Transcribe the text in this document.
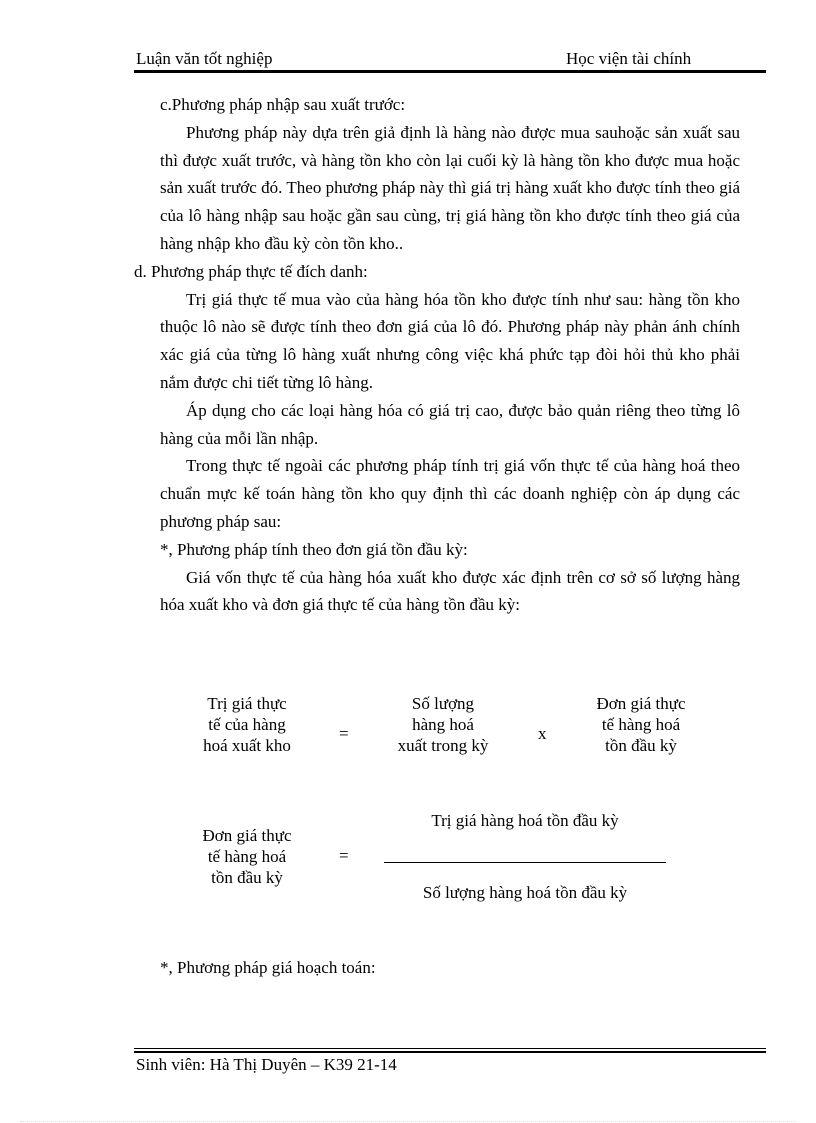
Luận văn tốt nghiệp	Học viện tài chính

c.Phương pháp nhập sau xuất trước:

Phương pháp này dựa trên giả định là hàng nào được mua sauhoặc sản xuất sau thì được xuất trước, và hàng tồn kho còn lại cuối kỳ là hàng tồn kho được mua hoặc sản xuất trước đó. Theo phương pháp này thì giá trị hàng xuất kho được tính theo giá của lô hàng nhập sau hoặc gần sau cùng, trị giá hàng tồn kho được tính theo giá của hàng nhập kho đầu kỳ còn tồn kho..

d. Phương pháp thực tế đích danh:

Trị giá thực tế mua vào của hàng hóa tồn kho được tính như sau: hàng tồn kho thuộc lô nào sẽ được tính theo đơn giá của lô đó. Phương pháp này phản ánh chính xác giá của từng lô hàng xuất nhưng công việc khá phức tạp đòi hỏi thủ kho phải nắm được chi tiết từng lô hàng.

Áp dụng cho các loại hàng hóa có giá trị cao, được bảo quản riêng theo từng lô hàng của mỗi lần nhập.

Trong thực tế ngoài các phương pháp tính trị giá vốn thực tế của hàng hoá theo chuẩn mực kế toán hàng tồn kho quy định thì các doanh nghiệp còn áp dụng các phương pháp sau:

*, Phương pháp tính theo đơn giá tồn đầu kỳ:

Giá vốn thực tế của hàng hóa xuất kho được xác định trên cơ sở số lượng hàng hóa xuất kho và đơn giá thực tế của hàng tồn đầu kỳ:

Trị giá thực
tế của hàng
hoá xuất kho
=
Số lượng
hàng hoá
xuất trong kỳ
x
Đơn giá thực
tế hàng hoá
tồn đầu kỳ
Đơn giá thực
tế hàng hoá
tồn đầu kỳ
=
Trị giá hàng hoá tồn đầu kỳ
Số lượng hàng hoá tồn đầu kỳ
*, Phương pháp giá hoạch toán:
Sinh viên: Hà Thị Duyên – K39 21-14
